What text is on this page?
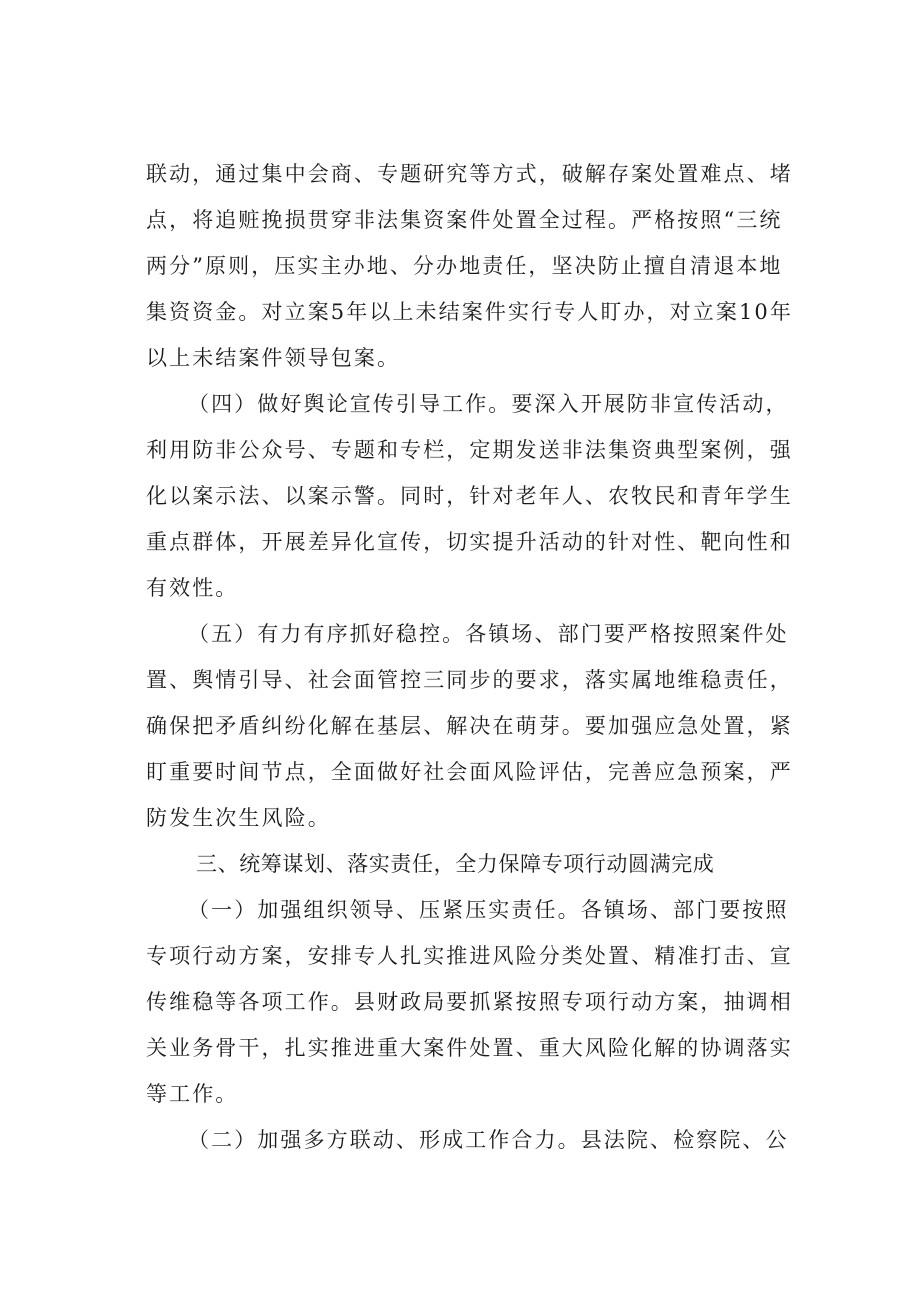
联动，通过集中会商、专题研究等方式，破解存案处置难点、堵
点，将追赃挽损贯穿非法集资案件处置全过程。严格按照“三统
两分”原则，压实主办地、分办地责任，坚决防止擅自清退本地
集资资金。对立案5年以上未结案件实行专人盯办，对立案10年
以上未结案件领导包案。
（四）做好舆论宣传引导工作。要深入开展防非宣传活动，
利用防非公众号、专题和专栏，定期发送非法集资典型案例，强
化以案示法、以案示警。同时，针对老年人、农牧民和青年学生
重点群体，开展差异化宣传，切实提升活动的针对性、靶向性和
有效性。
（五）有力有序抓好稳控。各镇场、部门要严格按照案件处
置、舆情引导、社会面管控三同步的要求，落实属地维稳责任，
确保把矛盾纠纷化解在基层、解决在萌芽。要加强应急处置，紧
盯重要时间节点，全面做好社会面风险评估，完善应急预案，严
防发生次生风险。
三、统筹谋划、落实责任，全力保障专项行动圆满完成
（一）加强组织领导、压紧压实责任。各镇场、部门要按照
专项行动方案，安排专人扎实推进风险分类处置、精准打击、宣
传维稳等各项工作。县财政局要抓紧按照专项行动方案，抽调相
关业务骨干，扎实推进重大案件处置、重大风险化解的协调落实
等工作。
（二）加强多方联动、形成工作合力。县法院、检察院、公
